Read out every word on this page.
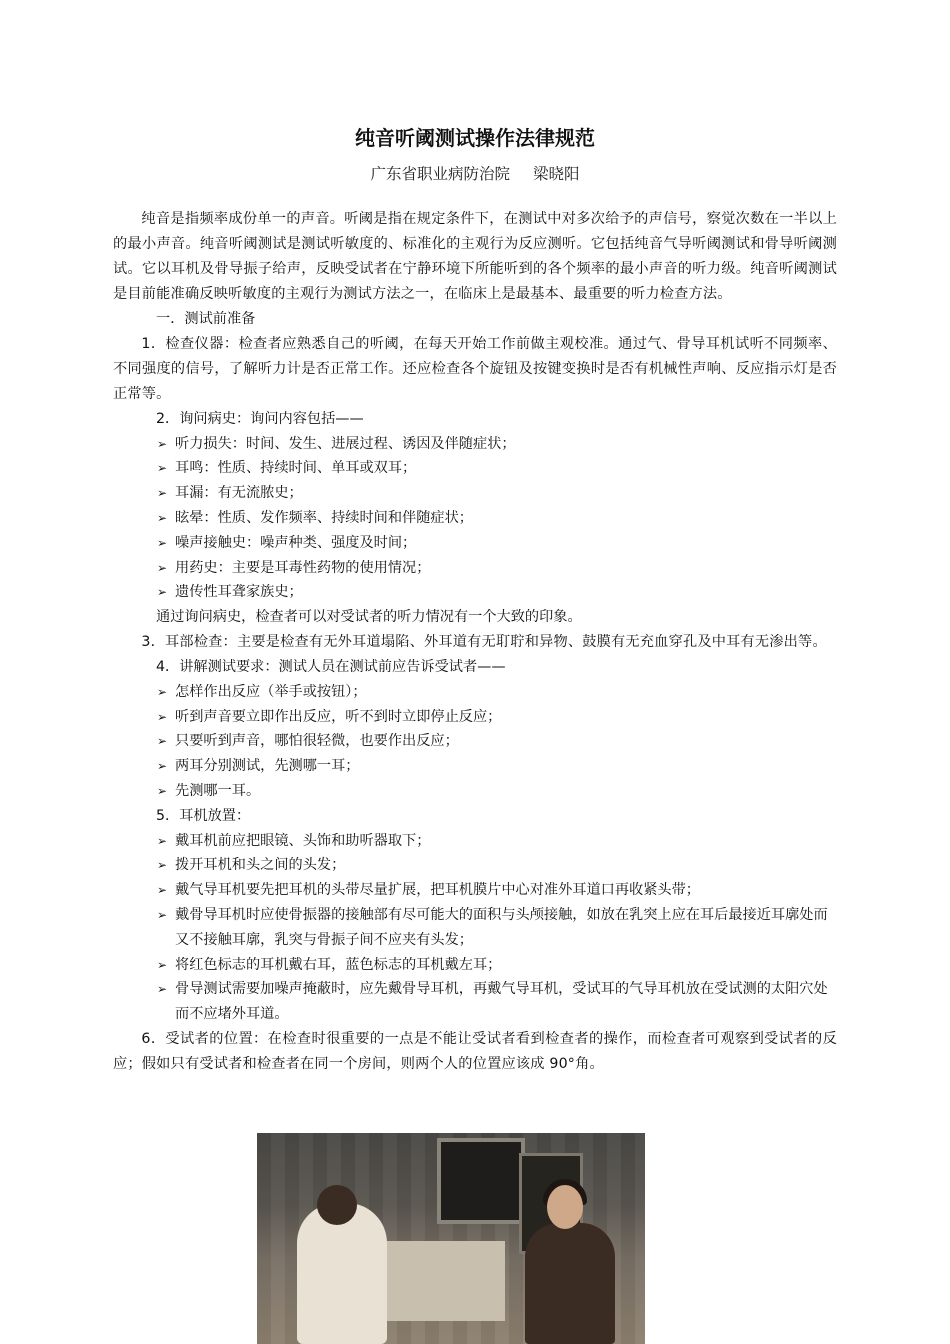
纯音听阈测试操作法律规范
广东省职业病防治院 梁晓阳

纯音是指频率成份单一的声音。听阈是指在规定条件下，在测试中对多次给予的声信号，察觉次数在一半以上的最小声音。纯音听阈测试是测试听敏度的、标准化的主观行为反应测听。它包括纯音气导听阈测试和骨导听阈测试。它以耳机及骨导振子给声，反映受试者在宁静环境下所能听到的各个频率的最小声音的听力级。纯音听阈测试是目前能准确反映听敏度的主观行为测试方法之一，在临床上是最基本、最重要的听力检查方法。

一．测试前准备

1．检查仪器：检查者应熟悉自己的听阈，在每天开始工作前做主观校准。通过气、骨导耳机试听不同频率、不同强度的信号，了解听力计是否正常工作。还应检查各个旋钮及按键变换时是否有机械性声响、反应指示灯是否正常等。

2．询问病史：询问内容包括——

➢ 听力损失：时间、发生、进展过程、诱因及伴随症状；

➢ 耳鸣：性质、持续时间、单耳或双耳；

➢ 耳漏：有无流脓史；

➢ 眩晕：性质、发作频率、持续时间和伴随症状；

➢ 噪声接触史：噪声种类、强度及时间；

➢ 用药史：主要是耳毒性药物的使用情况；

➢ 遗传性耳聋家族史；

通过询问病史，检查者可以对受试者的听力情况有一个大致的印象。

3．耳部检查：主要是检查有无外耳道塌陷、外耳道有无耵聍和异物、鼓膜有无充血穿孔及中耳有无渗出等。

4．讲解测试要求：测试人员在测试前应告诉受试者——

➢ 怎样作出反应（举手或按钮）；

➢ 听到声音要立即作出反应，听不到时立即停止反应；

➢ 只要听到声音，哪怕很轻微，也要作出反应；

➢ 两耳分别测试，先测哪一耳；

➢ 先测哪一耳。

5．耳机放置：

➢ 戴耳机前应把眼镜、头饰和助听器取下；

➢ 拨开耳机和头之间的头发；

➢ 戴气导耳机要先把耳机的头带尽量扩展，把耳机膜片中心对准外耳道口再收紧头带；

➢ 戴骨导耳机时应使骨振器的接触部有尽可能大的面积与头颅接触，如放在乳突上应在耳后最接近耳廓处而又不接触耳廓，乳突与骨振子间不应夹有头发；

➢ 将红色标志的耳机戴右耳，蓝色标志的耳机戴左耳；

➢ 骨导测试需要加噪声掩蔽时，应先戴骨导耳机，再戴气导耳机，受试耳的气导耳机放在受试测的太阳穴处而不应堵外耳道。

6．受试者的位置：在检查时很重要的一点是不能让受试者看到检查者的操作，而检查者可观察到受试者的反应；假如只有受试者和检查者在同一个房间，则两个人的位置应该成 90°角。
